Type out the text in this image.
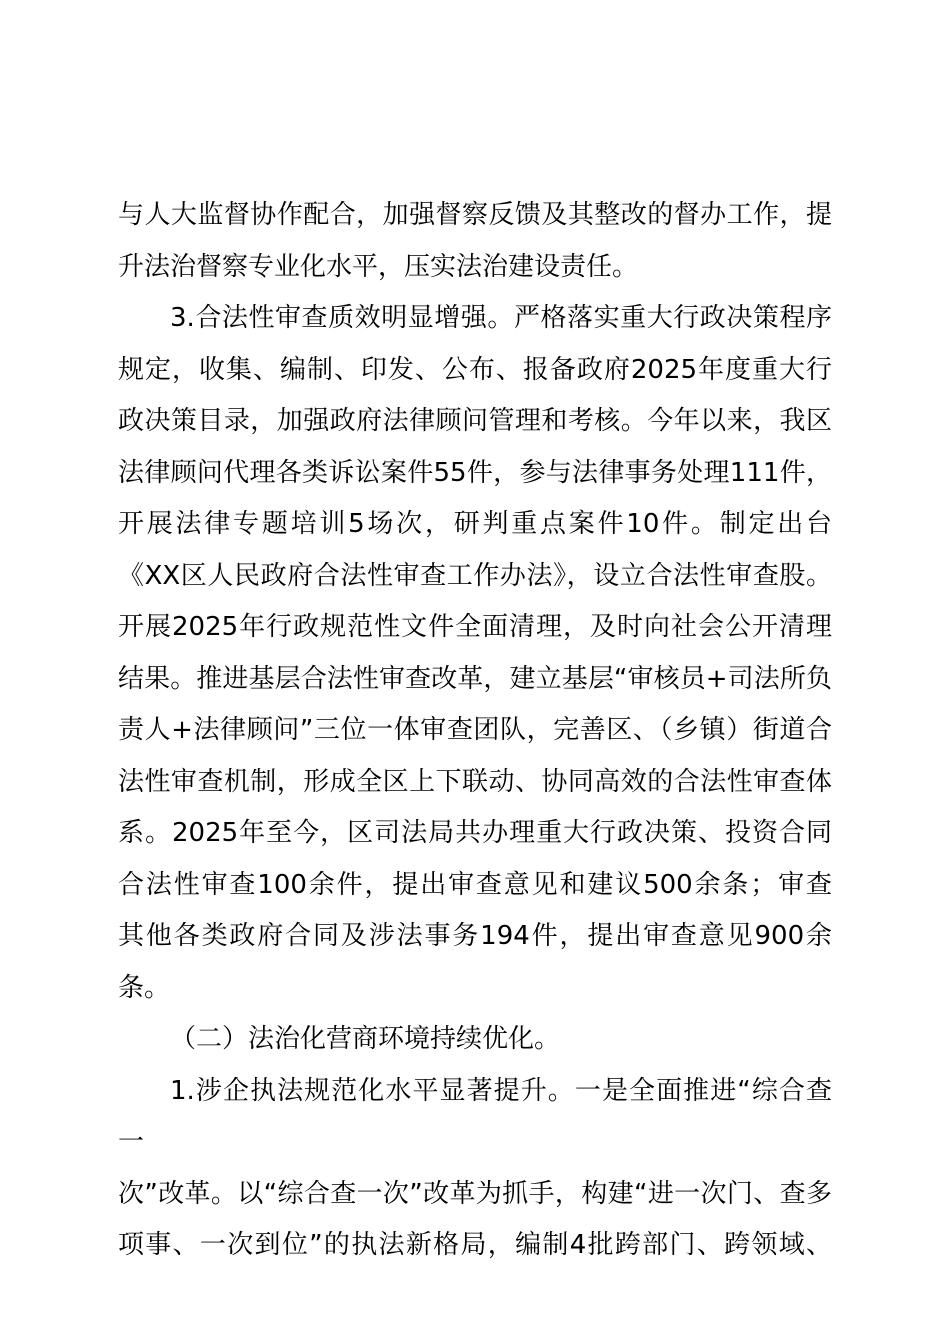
与人大监督协作配合，加强督察反馈及其整改的督办工作，提
升法治督察专业化水平，压实法治建设责任。
3.合法性审查质效明显增强。严格落实重大行政决策程序
规定，收集、编制、印发、公布、报备政府2025年度重大行
政决策目录，加强政府法律顾问管理和考核。今年以来，我区
法律顾问代理各类诉讼案件55件，参与法律事务处理111件，
开展法律专题培训5场次，研判重点案件10件。制定出台
《XX区人民政府合法性审查工作办法》，设立合法性审查股。
开展2025年行政规范性文件全面清理，及时向社会公开清理
结果。推进基层合法性审查改革，建立基层“审核员+司法所负
责人+法律顾问”三位一体审查团队，完善区、（乡镇）街道合
法性审查机制，形成全区上下联动、协同高效的合法性审查体
系。2025年至今，区司法局共办理重大行政决策、投资合同
合法性审查100余件，提出审查意见和建议500余条；审查
其他各类政府合同及涉法事务194件，提出审查意见900余
条。
（二）法治化营商环境持续优化。
1.涉企执法规范化水平显著提升。一是全面推进“综合查一
次”改革。以“综合查一次”改革为抓手，构建“进一次门、查多
项事、一次到位”的执法新格局，编制4批跨部门、跨领域、
